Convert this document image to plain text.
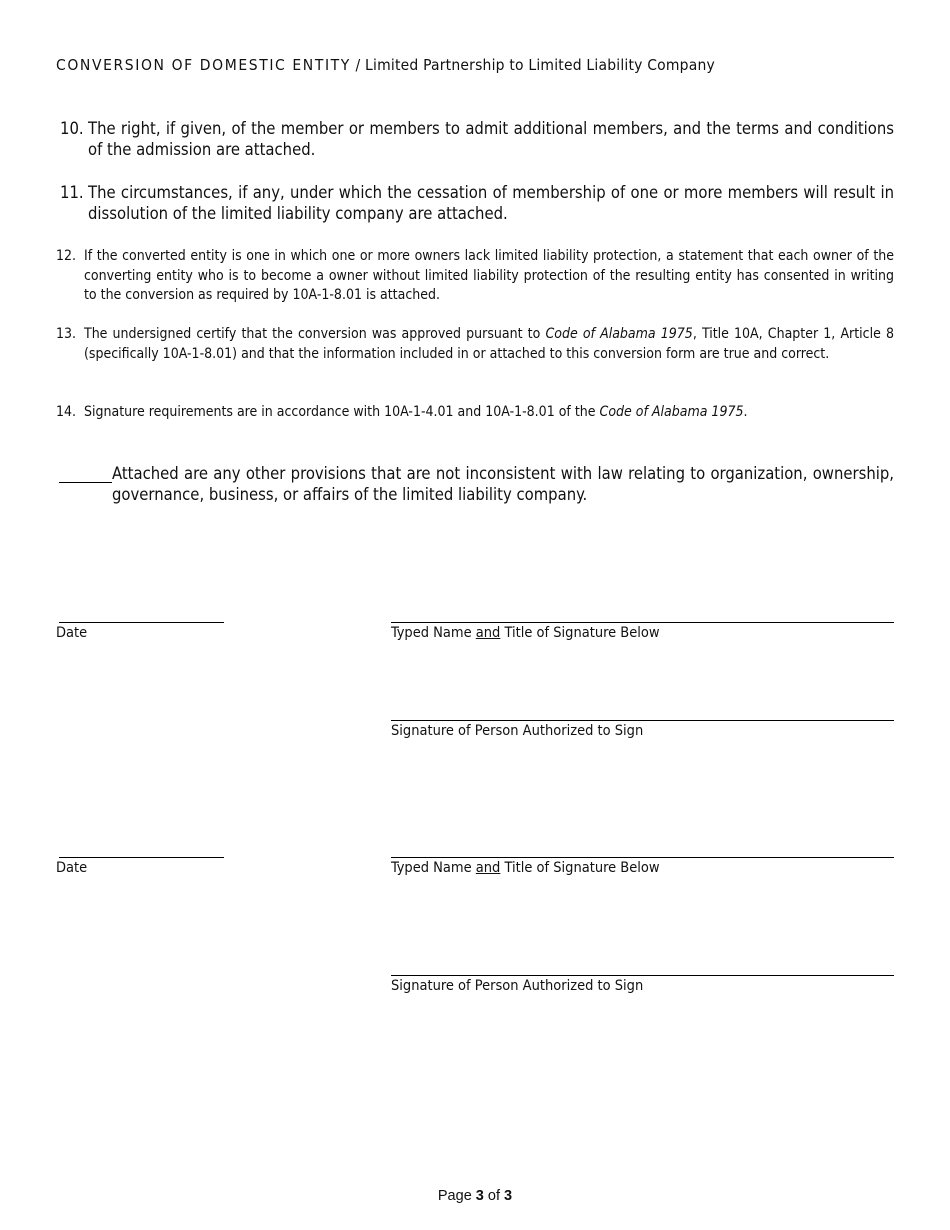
CONVERSION OF DOMESTIC ENTITY / Limited Partnership to Limited Liability Company
10. The right, if given, of the member or members to admit additional members, and the terms and conditions of the admission are attached.
11. The circumstances, if any, under which the cessation of membership of one or more members will result in dissolution of the limited liability company are attached.
12. If the converted entity is one in which one or more owners lack limited liability protection, a statement that each owner of the converting entity who is to become a owner without limited liability protection of the resulting entity has consented in writing to the conversion as required by 10A-1-8.01 is attached.
13. The undersigned certify that the conversion was approved pursuant to Code of Alabama 1975, Title 10A, Chapter 1, Article 8 (specifically 10A-1-8.01) and that the information included in or attached to this conversion form are true and correct.
14. Signature requirements are in accordance with 10A-1-4.01 and 10A-1-8.01 of the Code of Alabama 1975.
Attached are any other provisions that are not inconsistent with law relating to organization, ownership, governance, business, or affairs of the limited liability company.
Date	Typed Name and Title of Signature Below
Signature of Person Authorized to Sign
Date	Typed Name and Title of Signature Below
Signature of Person Authorized to Sign
Page 3 of 3
